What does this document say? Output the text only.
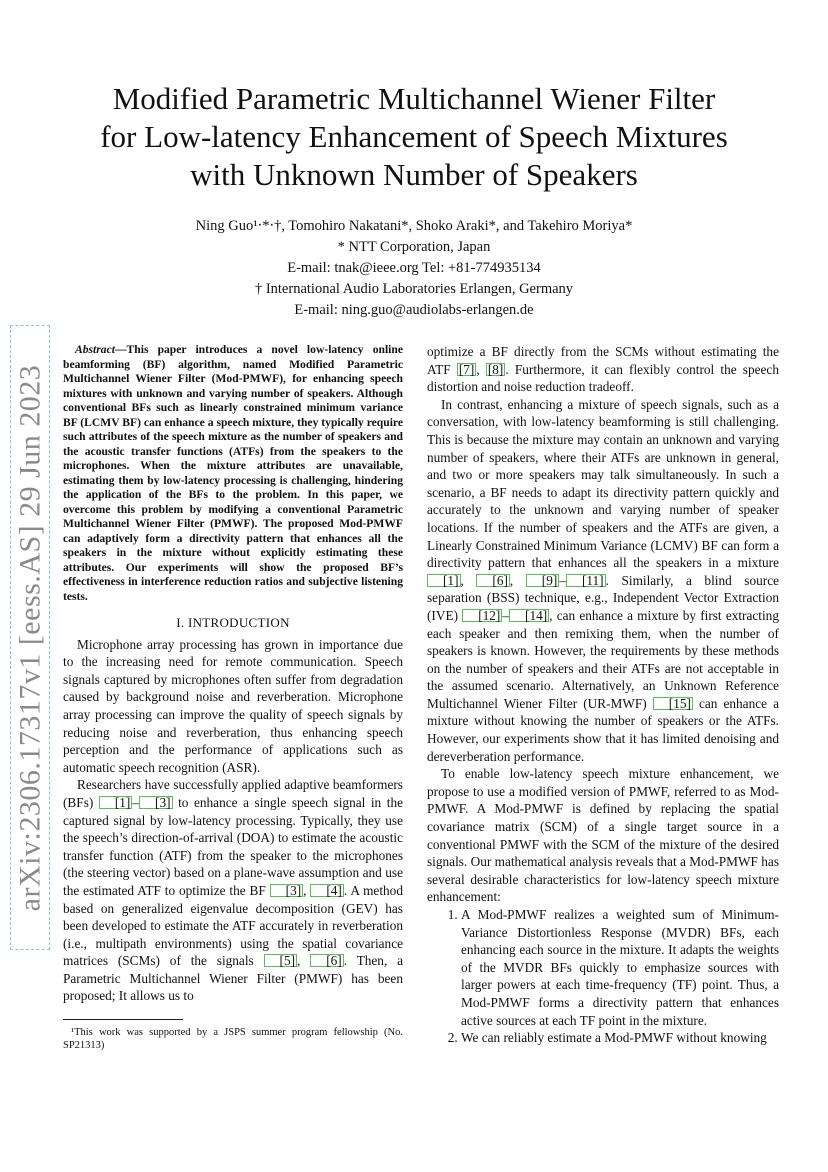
arXiv:2306.17317v1 [eess.AS] 29 Jun 2023
Modified Parametric Multichannel Wiener Filter
for Low-latency Enhancement of Speech Mixtures
with Unknown Number of Speakers
Ning Guo¹‧*‧†, Tomohiro Nakatani*, Shoko Araki*, and Takehiro Moriya*
* NTT Corporation, Japan
E-mail: tnak@ieee.org Tel: +81-774935134
† International Audio Laboratories Erlangen, Germany
E-mail: ning.guo@audiolabs-erlangen.de

Abstract—This paper introduces a novel low-latency online beamforming (BF) algorithm, named Modified Parametric Multichannel Wiener Filter (Mod-PMWF), for enhancing speech mixtures with unknown and varying number of speakers. Although conventional BFs such as linearly constrained minimum variance BF (LCMV BF) can enhance a speech mixture, they typically require such attributes of the speech mixture as the number of speakers and the acoustic transfer functions (ATFs) from the speakers to the microphones. When the mixture attributes are unavailable, estimating them by low-latency processing is challenging, hindering the application of the BFs to the problem. In this paper, we overcome this problem by modifying a conventional Parametric Multichannel Wiener Filter (PMWF). The proposed Mod-PMWF can adaptively form a directivity pattern that enhances all the speakers in the mixture without explicitly estimating these attributes. Our experiments will show the proposed BF’s effectiveness in interference reduction ratios and subjective listening tests.

I. INTRODUCTION

Microphone array processing has grown in importance due to the increasing need for remote communication. Speech signals captured by microphones often suffer from degradation caused by background noise and reverberation. Microphone array processing can improve the quality of speech signals by reducing noise and reverberation, thus enhancing speech perception and the performance of applications such as automatic speech recognition (ASR).

Researchers have successfully applied adaptive beamformers (BFs) [1] – [3] to enhance a single speech signal in the captured signal by low-latency processing. Typically, they use the speech’s direction-of-arrival (DOA) to estimate the acoustic transfer function (ATF) from the speaker to the microphones (the steering vector) based on a plane-wave assumption and use the estimated ATF to optimize the BF [3] , [4] . A method based on generalized eigenvalue decomposition (GEV) has been developed to estimate the ATF accurately in reverberation (i.e., multipath environments) using the spatial covariance matrices (SCMs) of the signals [5] , [6] . Then, a Parametric Multichannel Wiener Filter (PMWF) has been proposed; It allows us to

¹This work was supported by a JSPS summer program fellowship (No. SP21313)

optimize a BF directly from the SCMs without estimating the ATF [7] , [8] . Furthermore, it can flexibly control the speech distortion and noise reduction tradeoff.

In contrast, enhancing a mixture of speech signals, such as a conversation, with low-latency beamforming is still challenging. This is because the mixture may contain an unknown and varying number of speakers, where their ATFs are unknown in general, and two or more speakers may talk simultaneously. In such a scenario, a BF needs to adapt its directivity pattern quickly and accurately to the unknown and varying number of speaker locations. If the number of speakers and the ATFs are given, a Linearly Constrained Minimum Variance (LCMV) BF can form a directivity pattern that enhances all the speakers in a mixture [1] , [6] , [9] – [11] . Similarly, a blind source separation (BSS) technique, e.g., Independent Vector Extraction (IVE) [12] – [14] , can enhance a mixture by first extracting each speaker and then remixing them, when the number of speakers is known. However, the requirements by these methods on the number of speakers and their ATFs are not acceptable in the assumed scenario. Alternatively, an Unknown Reference Multichannel Wiener Filter (UR-MWF) [15] can enhance a mixture without knowing the number of speakers or the ATFs. However, our experiments show that it has limited denoising and dereverberation performance.

To enable low-latency speech mixture enhancement, we propose to use a modified version of PMWF, referred to as Mod-PMWF. A Mod-PMWF is defined by replacing the spatial covariance matrix (SCM) of a single target source in a conventional PMWF with the SCM of the mixture of the desired signals. Our mathematical analysis reveals that a Mod-PMWF has several desirable characteristics for low-latency speech mixture enhancement:

1. A Mod-PMWF realizes a weighted sum of Minimum-Variance Distortionless Response (MVDR) BFs, each enhancing each source in the mixture. It adapts the weights of the MVDR BFs quickly to emphasize sources with larger powers at each time-frequency (TF) point. Thus, a Mod-PMWF forms a directivity pattern that enhances active sources at each TF point in the mixture.
2. We can reliably estimate a Mod-PMWF without knowing
